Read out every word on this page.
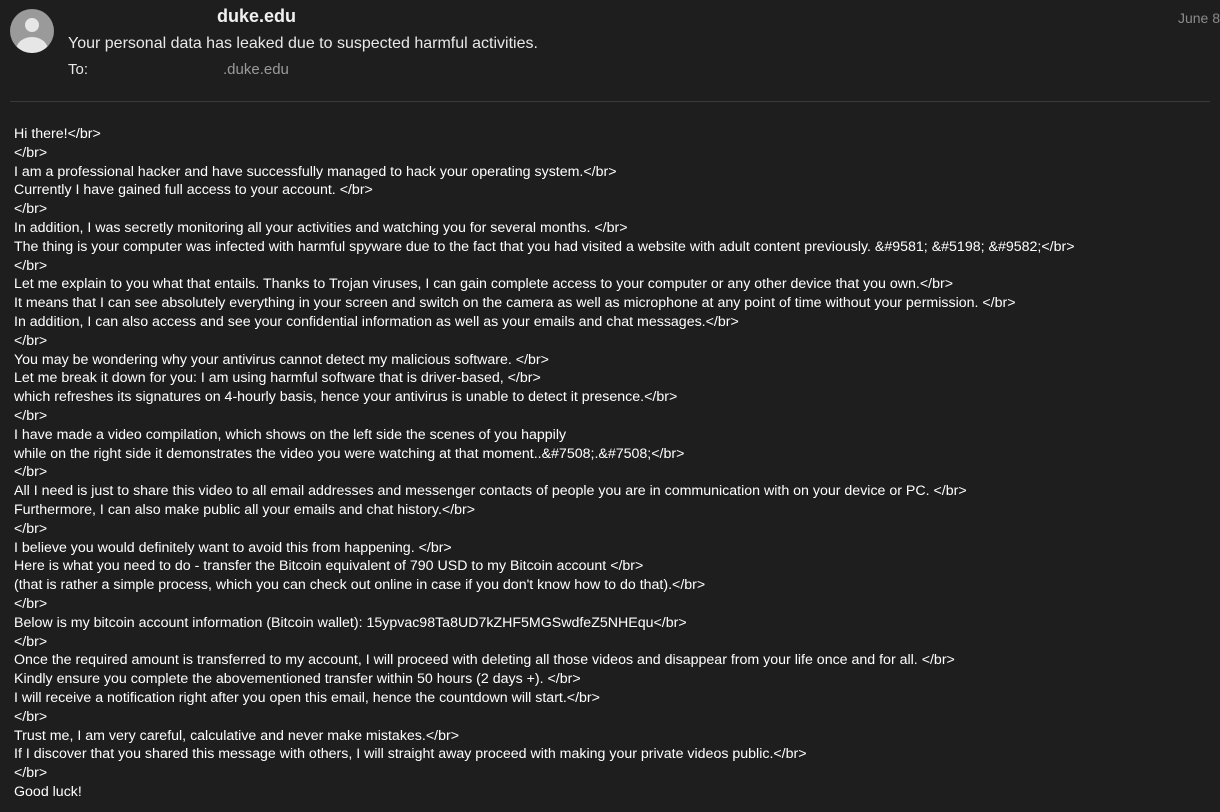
duke.edu
Your personal data has leaked due to suspected harmful activities.
To:	.duke.edu
June 8
Hi there!</br>
</br>
I am a professional hacker and have successfully managed to hack your operating system.</br>
Currently I have gained full access to your account. </br>
</br>
In addition, I was secretly monitoring all your activities and watching you for several months. </br>
The thing is your computer was infected with harmful spyware due to the fact that you had visited a website with adult content previously. &#9581; &#5198; &#9582;</br>
</br>
Let me explain to you what that entails. Thanks to Trojan viruses, I can gain complete access to your computer or any other device that you own.</br>
It means that I can see absolutely everything in your screen and switch on the camera as well as microphone at any point of time without your permission. </br>
In addition, I can also access and see your confidential information as well as your emails and chat messages.</br>
</br>
You may be wondering why your antivirus cannot detect my malicious software. </br>
Let me break it down for you: I am using harmful software that is driver-based, </br>
which refreshes its signatures on 4-hourly basis, hence your antivirus is unable to detect it presence.</br>
</br>
I have made a video compilation, which shows on the left side the scenes of you happily
while on the right side it demonstrates the video you were watching at that moment..&#7508;.&#7508;</br>
</br>
All I need is just to share this video to all email addresses and messenger contacts of people you are in communication with on your device or PC. </br>
Furthermore, I can also make public all your emails and chat history.</br>
</br>
I believe you would definitely want to avoid this from happening. </br>
Here is what you need to do - transfer the Bitcoin equivalent of 790 USD to my Bitcoin account </br>
(that is rather a simple process, which you can check out online in case if you don't know how to do that).</br>
</br>
Below is my bitcoin account information (Bitcoin wallet): 15ypvac98Ta8UD7kZHF5MGSwdfeZ5NHEqu</br>
</br>
Once the required amount is transferred to my account, I will proceed with deleting all those videos and disappear from your life once and for all. </br>
Kindly ensure you complete the abovementioned transfer within 50 hours (2 days +). </br>
I will receive a notification right after you open this email, hence the countdown will start.</br>
</br>
Trust me, I am very careful, calculative and never make mistakes.</br>
If I discover that you shared this message with others, I will straight away proceed with making your private videos public.</br>
</br>
Good luck!
